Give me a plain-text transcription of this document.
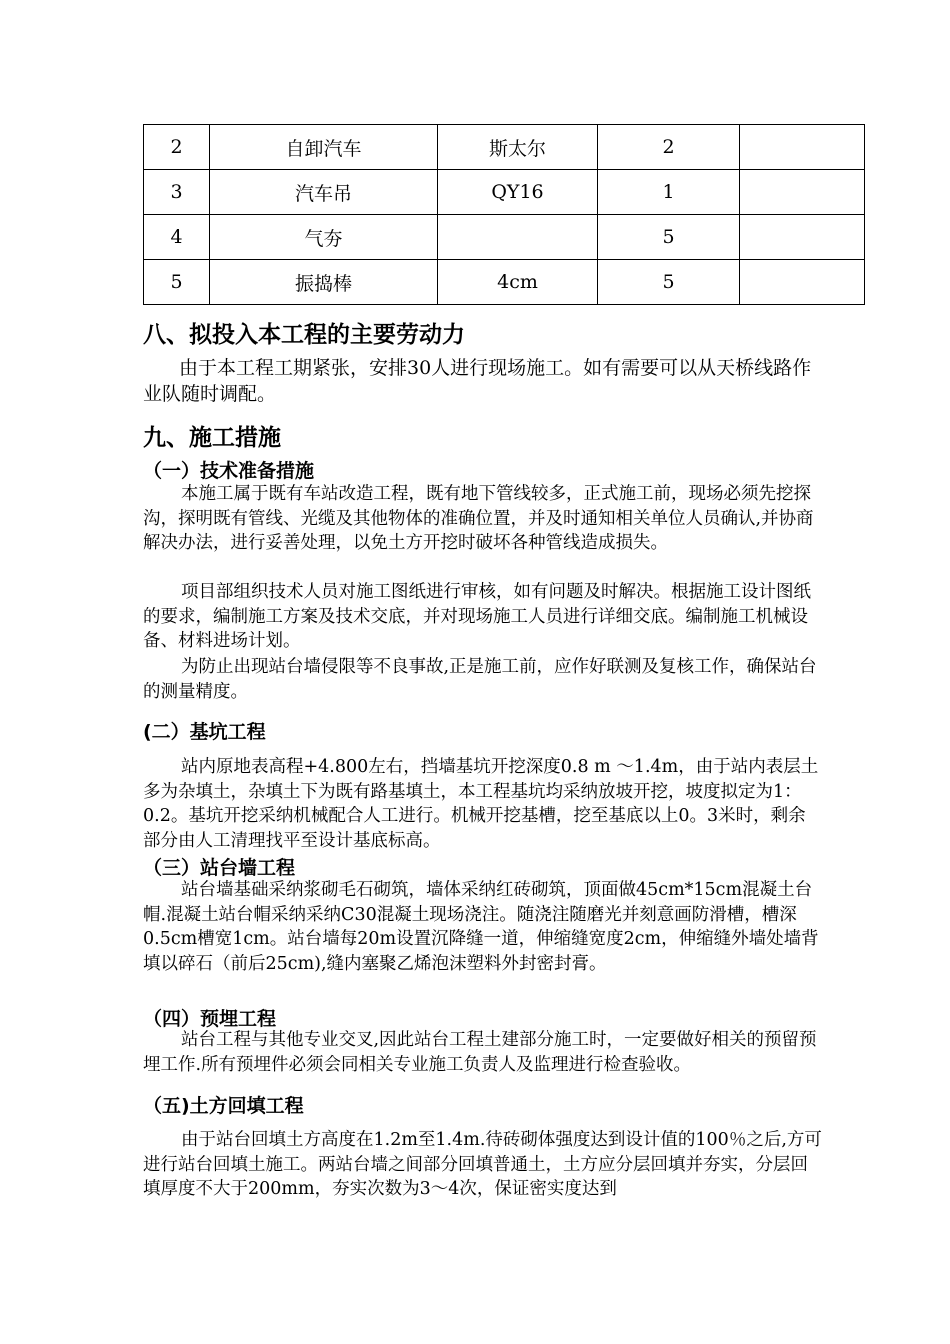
2	自卸汽车	斯太尔	2	
3	汽车吊	QY16	1	
4	气夯		5	
5	振捣棒	4cm	5	
八、拟投入本工程的主要劳动力
由于本工程工期紧张，安排30人进行现场施工。如有需要可以从天桥线路作业队随时调配。
九、施工措施
（一）技术准备措施
本施工属于既有车站改造工程，既有地下管线较多，正式施工前，现场必须先挖探沟，探明既有管线、光缆及其他物体的准确位置，并及时通知相关单位人员确认,并协商解决办法，进行妥善处理，以免土方开挖时破坏各种管线造成损失。
项目部组织技术人员对施工图纸进行审核，如有问题及时解决。根据施工设计图纸的要求，编制施工方案及技术交底，并对现场施工人员进行详细交底。编制施工机械设备、材料进场计划。
为防止出现站台墙侵限等不良事故,正是施工前，应作好联测及复核工作，确保站台的测量精度。
(二）基坑工程
站内原地表高程+4.800左右，挡墙基坑开挖深度0.8 m ～1.4m，由于站内表层土多为杂填土，杂填土下为既有路基填土，本工程基坑均采纳放坡开挖，坡度拟定为1：0.2。基坑开挖采纳机械配合人工进行。机械开挖基槽，挖至基底以上0。3米时，剩余部分由人工清理找平至设计基底标高。
（三）站台墙工程
站台墙基础采纳浆砌毛石砌筑，墙体采纳红砖砌筑，顶面做45cm*15cm混凝土台帽.混凝土站台帽采纳采纳C30混凝土现场浇注。随浇注随磨光并刻意画防滑槽，槽深0.5cm槽宽1cm。站台墙每20m设置沉降缝一道，伸缩缝宽度2cm，伸缩缝外墙处墙背填以碎石（前后25cm),缝内塞聚乙烯泡沫塑料外封密封膏。
（四）预埋工程
站台工程与其他专业交叉,因此站台工程土建部分施工时，一定要做好相关的预留预埋工作.所有预埋件必须会同相关专业施工负责人及监理进行检查验收。
（五)土方回填工程
由于站台回填土方高度在1.2m至1.4m.待砖砌体强度达到设计值的100％之后,方可进行站台回填土施工。两站台墙之间部分回填普通土，土方应分层回填并夯实，分层回填厚度不大于200mm，夯实次数为3～4次，保证密实度达到
